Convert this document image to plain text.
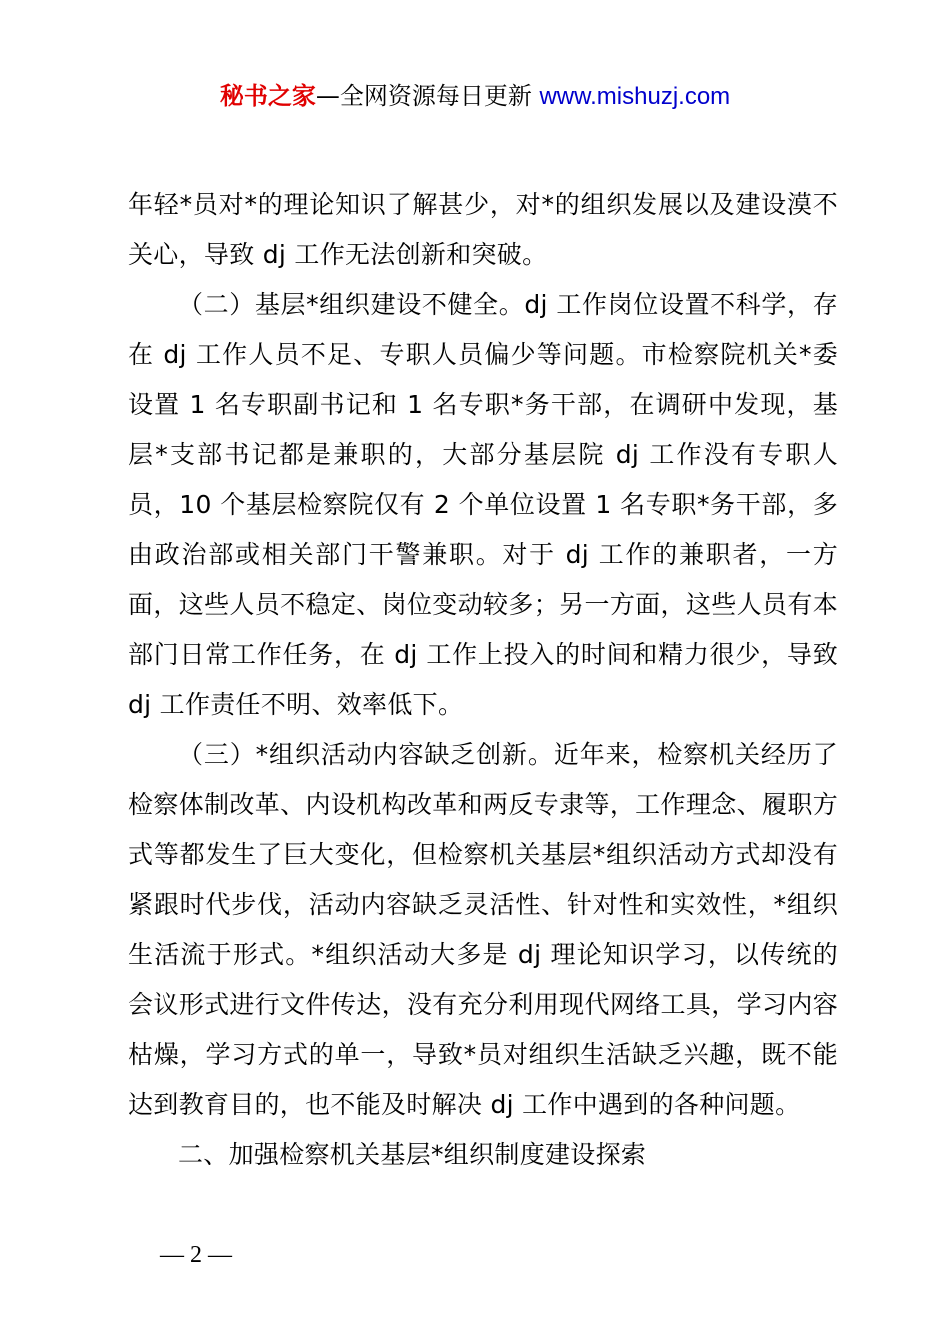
秘书之家—全网资源每日更新 www.mishuzj.com

年轻*员对*的理论知识了解甚少，对*的组织发展以及建设漠不关心，导致 dj 工作无法创新和突破。

（二）基层*组织建设不健全。dj 工作岗位设置不科学，存在 dj 工作人员不足、专职人员偏少等问题。市检察院机关*委设置 1 名专职副书记和 1 名专职*务干部，在调研中发现，基层*支部书记都是兼职的，大部分基层院 dj 工作没有专职人员，10 个基层检察院仅有 2 个单位设置 1 名专职*务干部，多由政治部或相关部门干警兼职。对于 dj 工作的兼职者，一方面，这些人员不稳定、岗位变动较多；另一方面，这些人员有本部门日常工作任务，在 dj 工作上投入的时间和精力很少，导致 dj 工作责任不明、效率低下。

（三）*组织活动内容缺乏创新。近年来，检察机关经历了检察体制改革、内设机构改革和两反专隶等，工作理念、履职方式等都发生了巨大变化，但检察机关基层*组织活动方式却没有紧跟时代步伐，活动内容缺乏灵活性、针对性和实效性，*组织生活流于形式。*组织活动大多是 dj 理论知识学习，以传统的会议形式进行文件传达，没有充分利用现代网络工具，学习内容枯燥，学习方式的单一，导致*员对组织生活缺乏兴趣，既不能达到教育目的，也不能及时解决 dj 工作中遇到的各种问题。

二、加强检察机关基层*组织制度建设探索

— 2 —
